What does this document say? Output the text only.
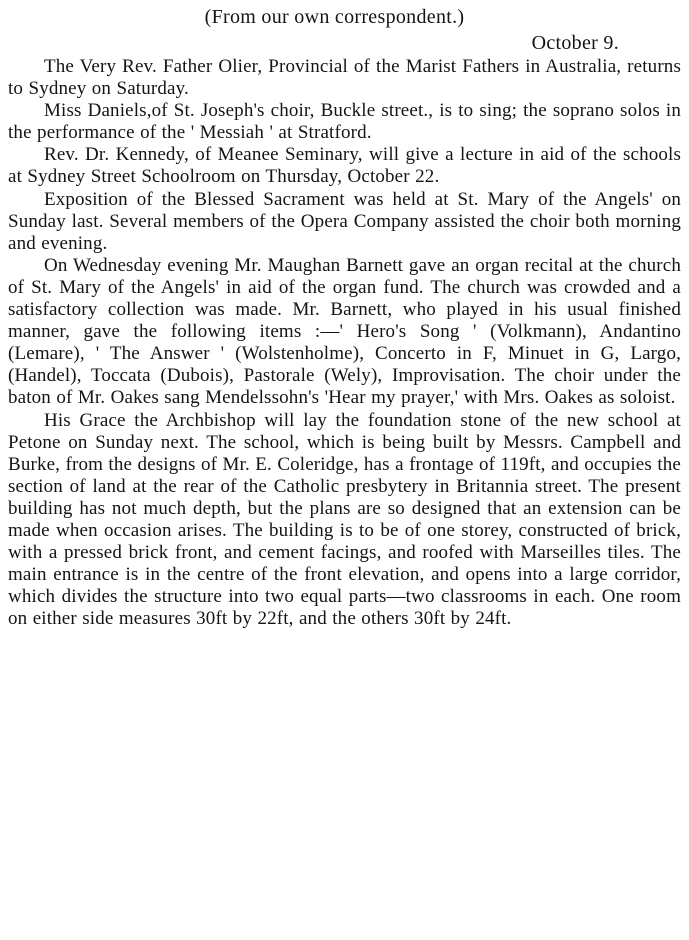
(From our own correspondent.)
October 9.

The Very Rev. Father Olier, Provincial of the Marist Fathers in Australia, returns to Sydney on Saturday.

Miss Daniels,of St. Joseph's choir, Buckle street., is to sing; the soprano solos in the performance of the ' Messiah ' at Stratford.

Rev. Dr. Kennedy, of Meanee Seminary, will give a lecture in aid of the schools at Sydney Street Schoolroom on Thursday, October 22.

Exposition of the Blessed Sacrament was held at St. Mary of the Angels' on Sunday last. Several members of the Opera Company assisted the choir both morning and evening.

On Wednesday evening Mr. Maughan Barnett gave an organ recital at the church of St. Mary of the Angels' in aid of the organ fund. The church was crowded and a satisfactory collection was made. Mr. Barnett, who played in his usual finished manner, gave the following items :—' Hero's Song ' (Volkmann), Andantino (Lemare), ' The Answer ' (Wolstenholme), Concerto in F, Minuet in G, Largo, (Handel), Toccata (Dubois), Pastorale (Wely), Improvisation. The choir under the baton of Mr. Oakes sang Mendelssohn's 'Hear my prayer,' with Mrs. Oakes as soloist.

His Grace the Archbishop will lay the foundation stone of the new school at Petone on Sunday next. The school, which is being built by Messrs. Campbell and Burke, from the designs of Mr. E. Coleridge, has a frontage of 119ft, and occupies the section of land at the rear of the Catholic presbytery in Britannia street. The present building has not much depth, but the plans are so designed that an extension can be made when occasion arises. The building is to be of one storey, constructed of brick, with a pressed brick front, and cement facings, and roofed with Marseilles tiles. The main entrance is in the centre of the front elevation, and opens into a large corridor, which divides the structure into two equal parts—two classrooms in each. One room on either side measures 30ft by 22ft, and the others 30ft by 24ft.
